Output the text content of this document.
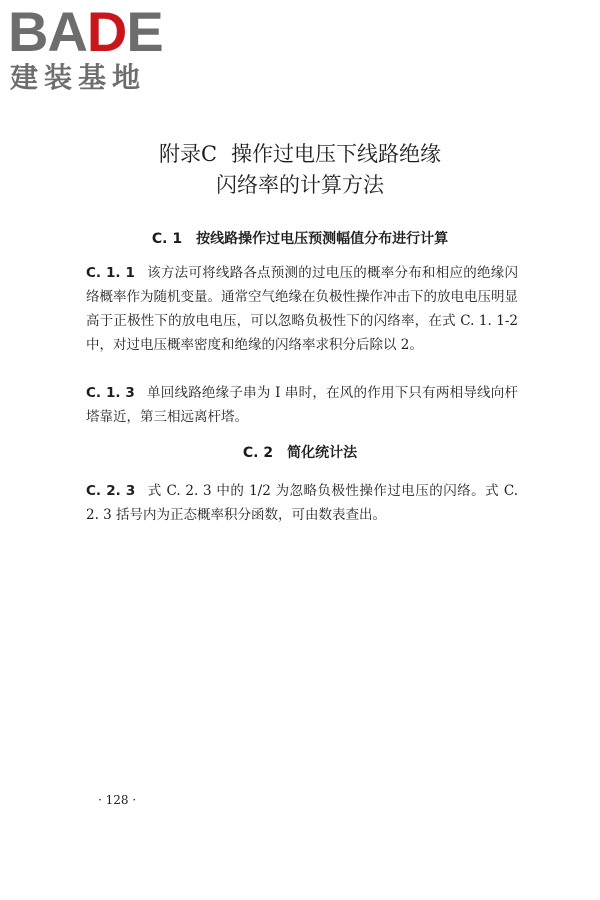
BADE
建装基地
附录C 操作过电压下线路绝缘
闪络率的计算方法
C. 1 按线路操作过电压预测幅值分布进行计算

C. 1. 1 该方法可将线路各点预测的过电压的概率分布和相应的绝缘闪络概率作为随机变量。通常空气绝缘在负极性操作冲击下的放电电压明显高于正极性下的放电电压，可以忽略负极性下的闪络率，在式 C. 1. 1-2 中，对过电压概率密度和绝缘的闪络率求积分后除以 2。

C. 1. 3 单回线路绝缘子串为 I 串时，在风的作用下只有两相导线向杆塔靠近，第三相远离杆塔。

C. 2 简化统计法

C. 2. 3 式 C. 2. 3 中的 1/2 为忽略负极性操作过电压的闪络。式 C. 2. 3 括号内为正态概率积分函数，可由数表查出。

· 128 ·
